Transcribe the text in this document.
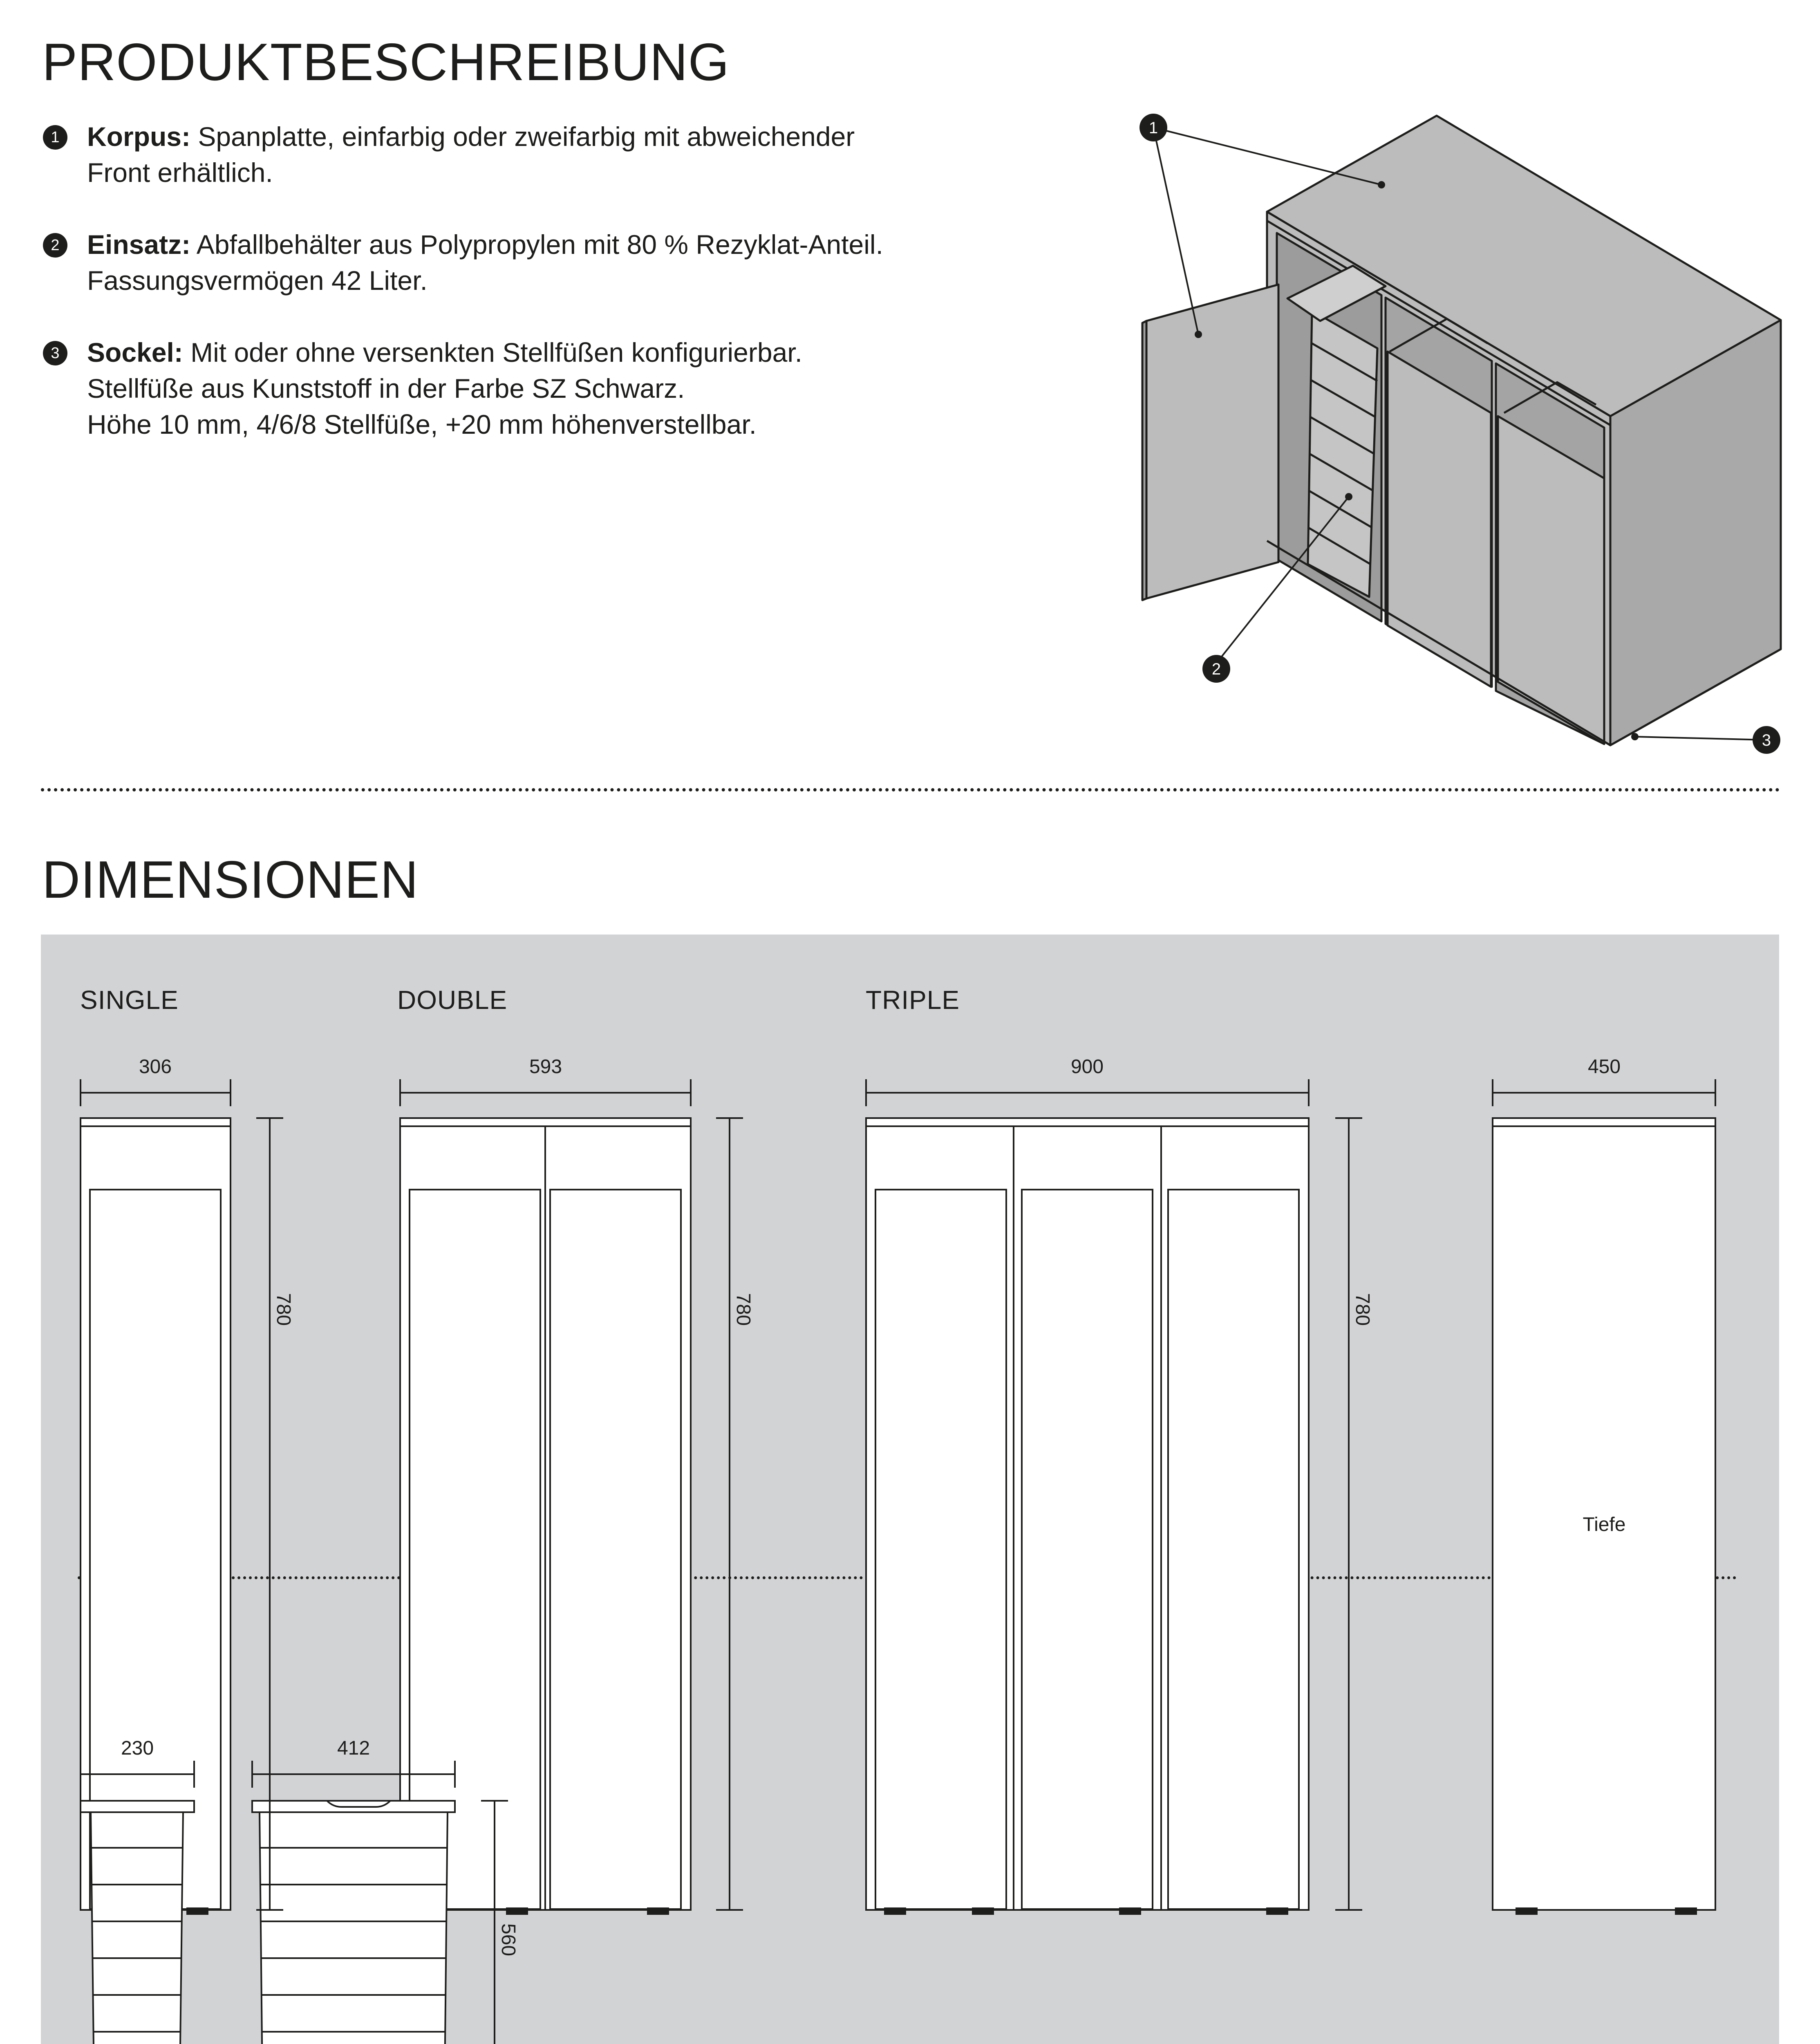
PRODUKTBESCHREIBUNG
1 Korpus: Spanplatte, einfarbig oder zweifarbig mit abweichender
Front erhältlich.
2 Einsatz: Abfallbehälter aus Polypropylen mit 80 % Rezyklat-Anteil.
Fassungsvermögen 42 Liter.
3 Sockel: Mit oder ohne versenkten Stellfüßen konfigurierbar.
Stellfüße aus Kunststoff in der Farbe SZ Schwarz.
Höhe 10 mm, 4/6/8 Stellfüße, +20 mm höhenverstellbar.
1
2
3
DIMENSIONEN
SINGLE	DOUBLE	TRIPLE
306	593	900	450
Tiefe
230	412
780	780	780
560
